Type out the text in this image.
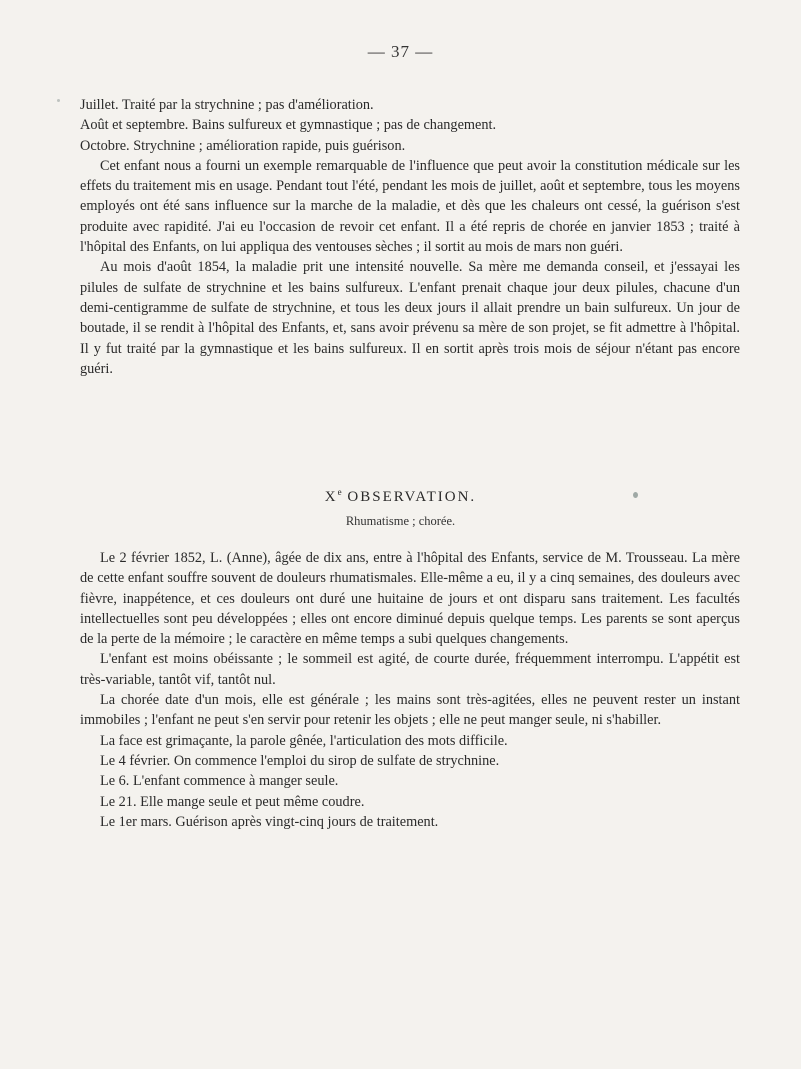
— 37 —

Juillet. Traité par la strychnine ; pas d'amélioration.

Août et septembre. Bains sulfureux et gymnastique ; pas de changement.

Octobre. Strychnine ; amélioration rapide, puis guérison.

Cet enfant nous a fourni un exemple remarquable de l'influence que peut avoir la constitution médicale sur les effets du traitement mis en usage. Pendant tout l'été, pendant les mois de juillet, août et septembre, tous les moyens employés ont été sans influence sur la marche de la maladie, et dès que les chaleurs ont cessé, la guérison s'est produite avec rapidité. J'ai eu l'occasion de revoir cet enfant. Il a été repris de chorée en janvier 1853 ; traité à l'hôpital des Enfants, on lui appliqua des ventouses sèches ; il sortit au mois de mars non guéri.

Au mois d'août 1854, la maladie prit une intensité nouvelle. Sa mère me demanda conseil, et j'essayai les pilules de sulfate de strychnine et les bains sulfureux. L'enfant prenait chaque jour deux pilules, chacune d'un demi-centigramme de sulfate de strychnine, et tous les deux jours il allait prendre un bain sulfureux. Un jour de boutade, il se rendit à l'hôpital des Enfants, et, sans avoir prévenu sa mère de son projet, se fit admettre à l'hôpital. Il y fut traité par la gymnastique et les bains sulfureux. Il en sortit après trois mois de séjour n'étant pas encore guéri.

Xe OBSERVATION.
Rhumatisme ; chorée.

Le 2 février 1852, L. (Anne), âgée de dix ans, entre à l'hôpital des Enfants, service de M. Trousseau. La mère de cette enfant souffre souvent de douleurs rhumatismales. Elle-même a eu, il y a cinq semaines, des douleurs avec fièvre, inappétence, et ces douleurs ont duré une huitaine de jours et ont disparu sans traitement. Les facultés intellectuelles sont peu développées ; elles ont encore diminué depuis quelque temps. Les parents se sont aperçus de la perte de la mémoire ; le caractère en même temps a subi quelques changements.

L'enfant est moins obéissante ; le sommeil est agité, de courte durée, fréquemment interrompu. L'appétit est très-variable, tantôt vif, tantôt nul.

La chorée date d'un mois, elle est générale ; les mains sont très-agitées, elles ne peuvent rester un instant immobiles ; l'enfant ne peut s'en servir pour retenir les objets ; elle ne peut manger seule, ni s'habiller.

La face est grimaçante, la parole gênée, l'articulation des mots difficile.

Le 4 février. On commence l'emploi du sirop de sulfate de strychnine.

Le 6. L'enfant commence à manger seule.

Le 21. Elle mange seule et peut même coudre.

Le 1er mars. Guérison après vingt-cinq jours de traitement.
